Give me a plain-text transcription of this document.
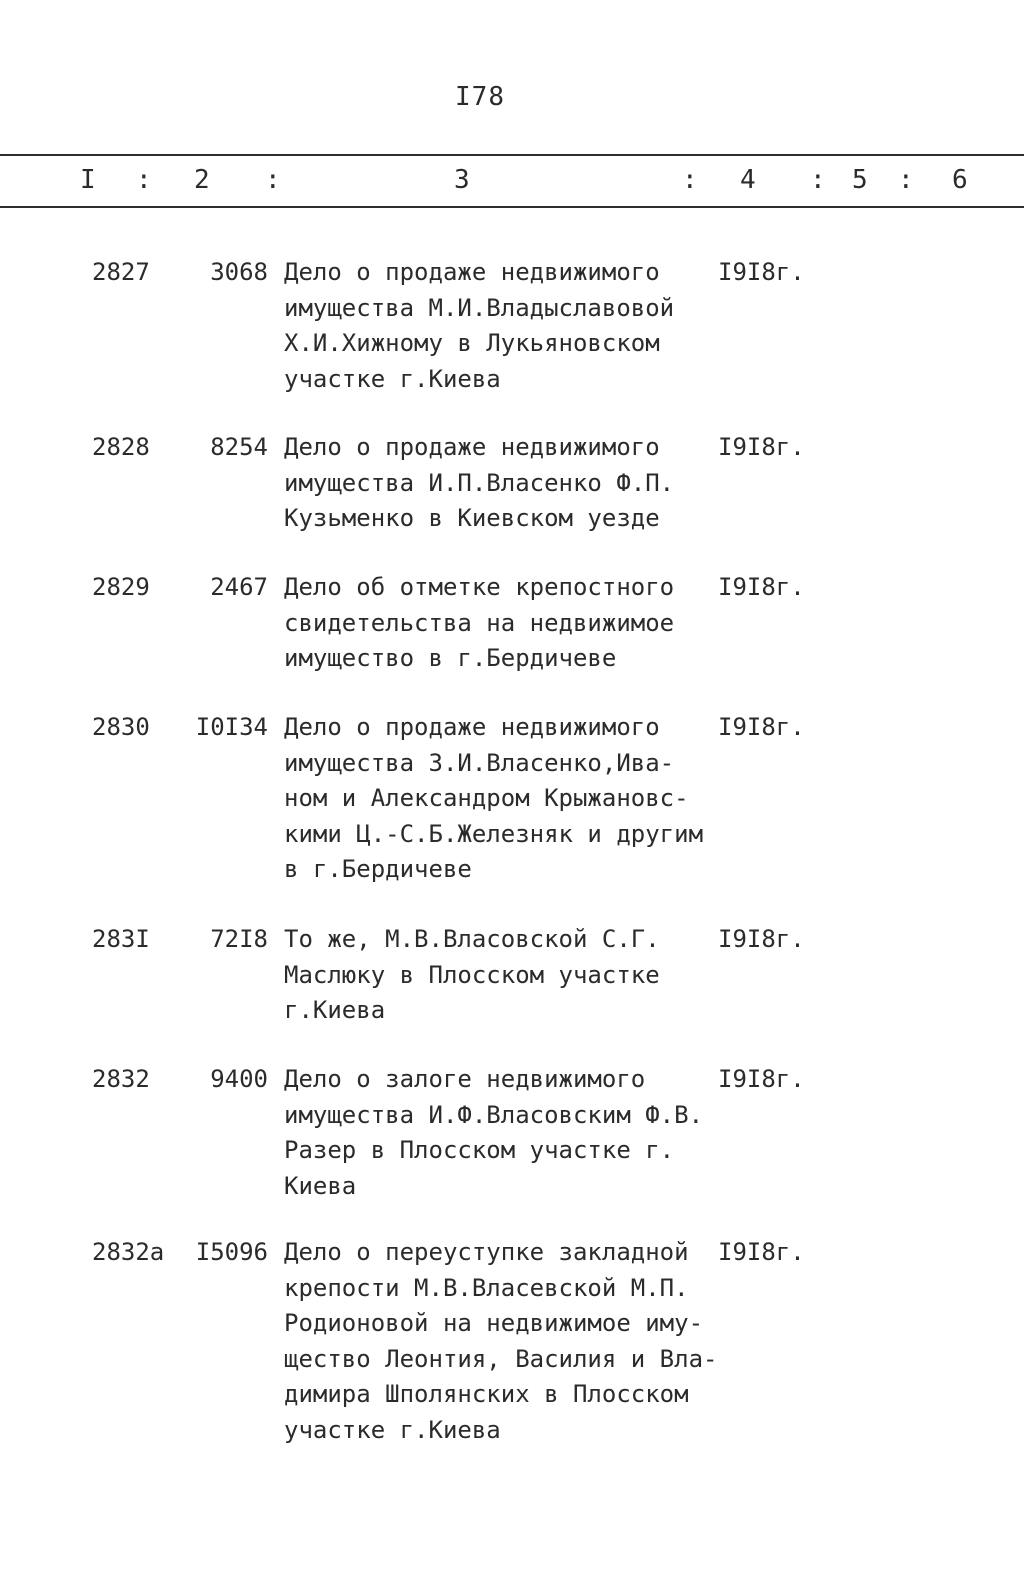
I78
I : 2 :	3	: 4 : 5 : 6
2827	3068 Дело о продаже недвижимого
имущества М.И.Владыславовой
Х.И.Хижному в Лукьяновском
участке г.Киева
I9I8г.
2828	8254 Дело о продаже недвижимого
имущества И.П.Власенко Ф.П.
Кузьменко в Киевском уезде
I9I8г.
2829	2467 Дело об отметке крепостного
свидетельства на недвижимое
имущество в г.Бердичеве
I9I8г.
2830	I0I34 Дело о продаже недвижимого
имущества З.И.Власенко,Ива-
ном и Александром Крыжановс-
кими Ц.-С.Б.Железняк и другим
в г.Бердичеве
I9I8г.
283I	72I8 То же, М.В.Власовской С.Г.
Маслюку в Плосском участке
г.Киева
I9I8г.
2832	9400 Дело о залоге недвижимого
имущества И.Ф.Власовским Ф.В.
Разер в Плосском участке г.
Киева
I9I8г.
2832а	I5096 Дело о переуступке закладной
крепости М.В.Власевской М.П.
Родионовой на недвижимое иму-
щество Леонтия, Василия и Вла-
димира Шполянских в Плосском
участке г.Киева
I9I8г.
